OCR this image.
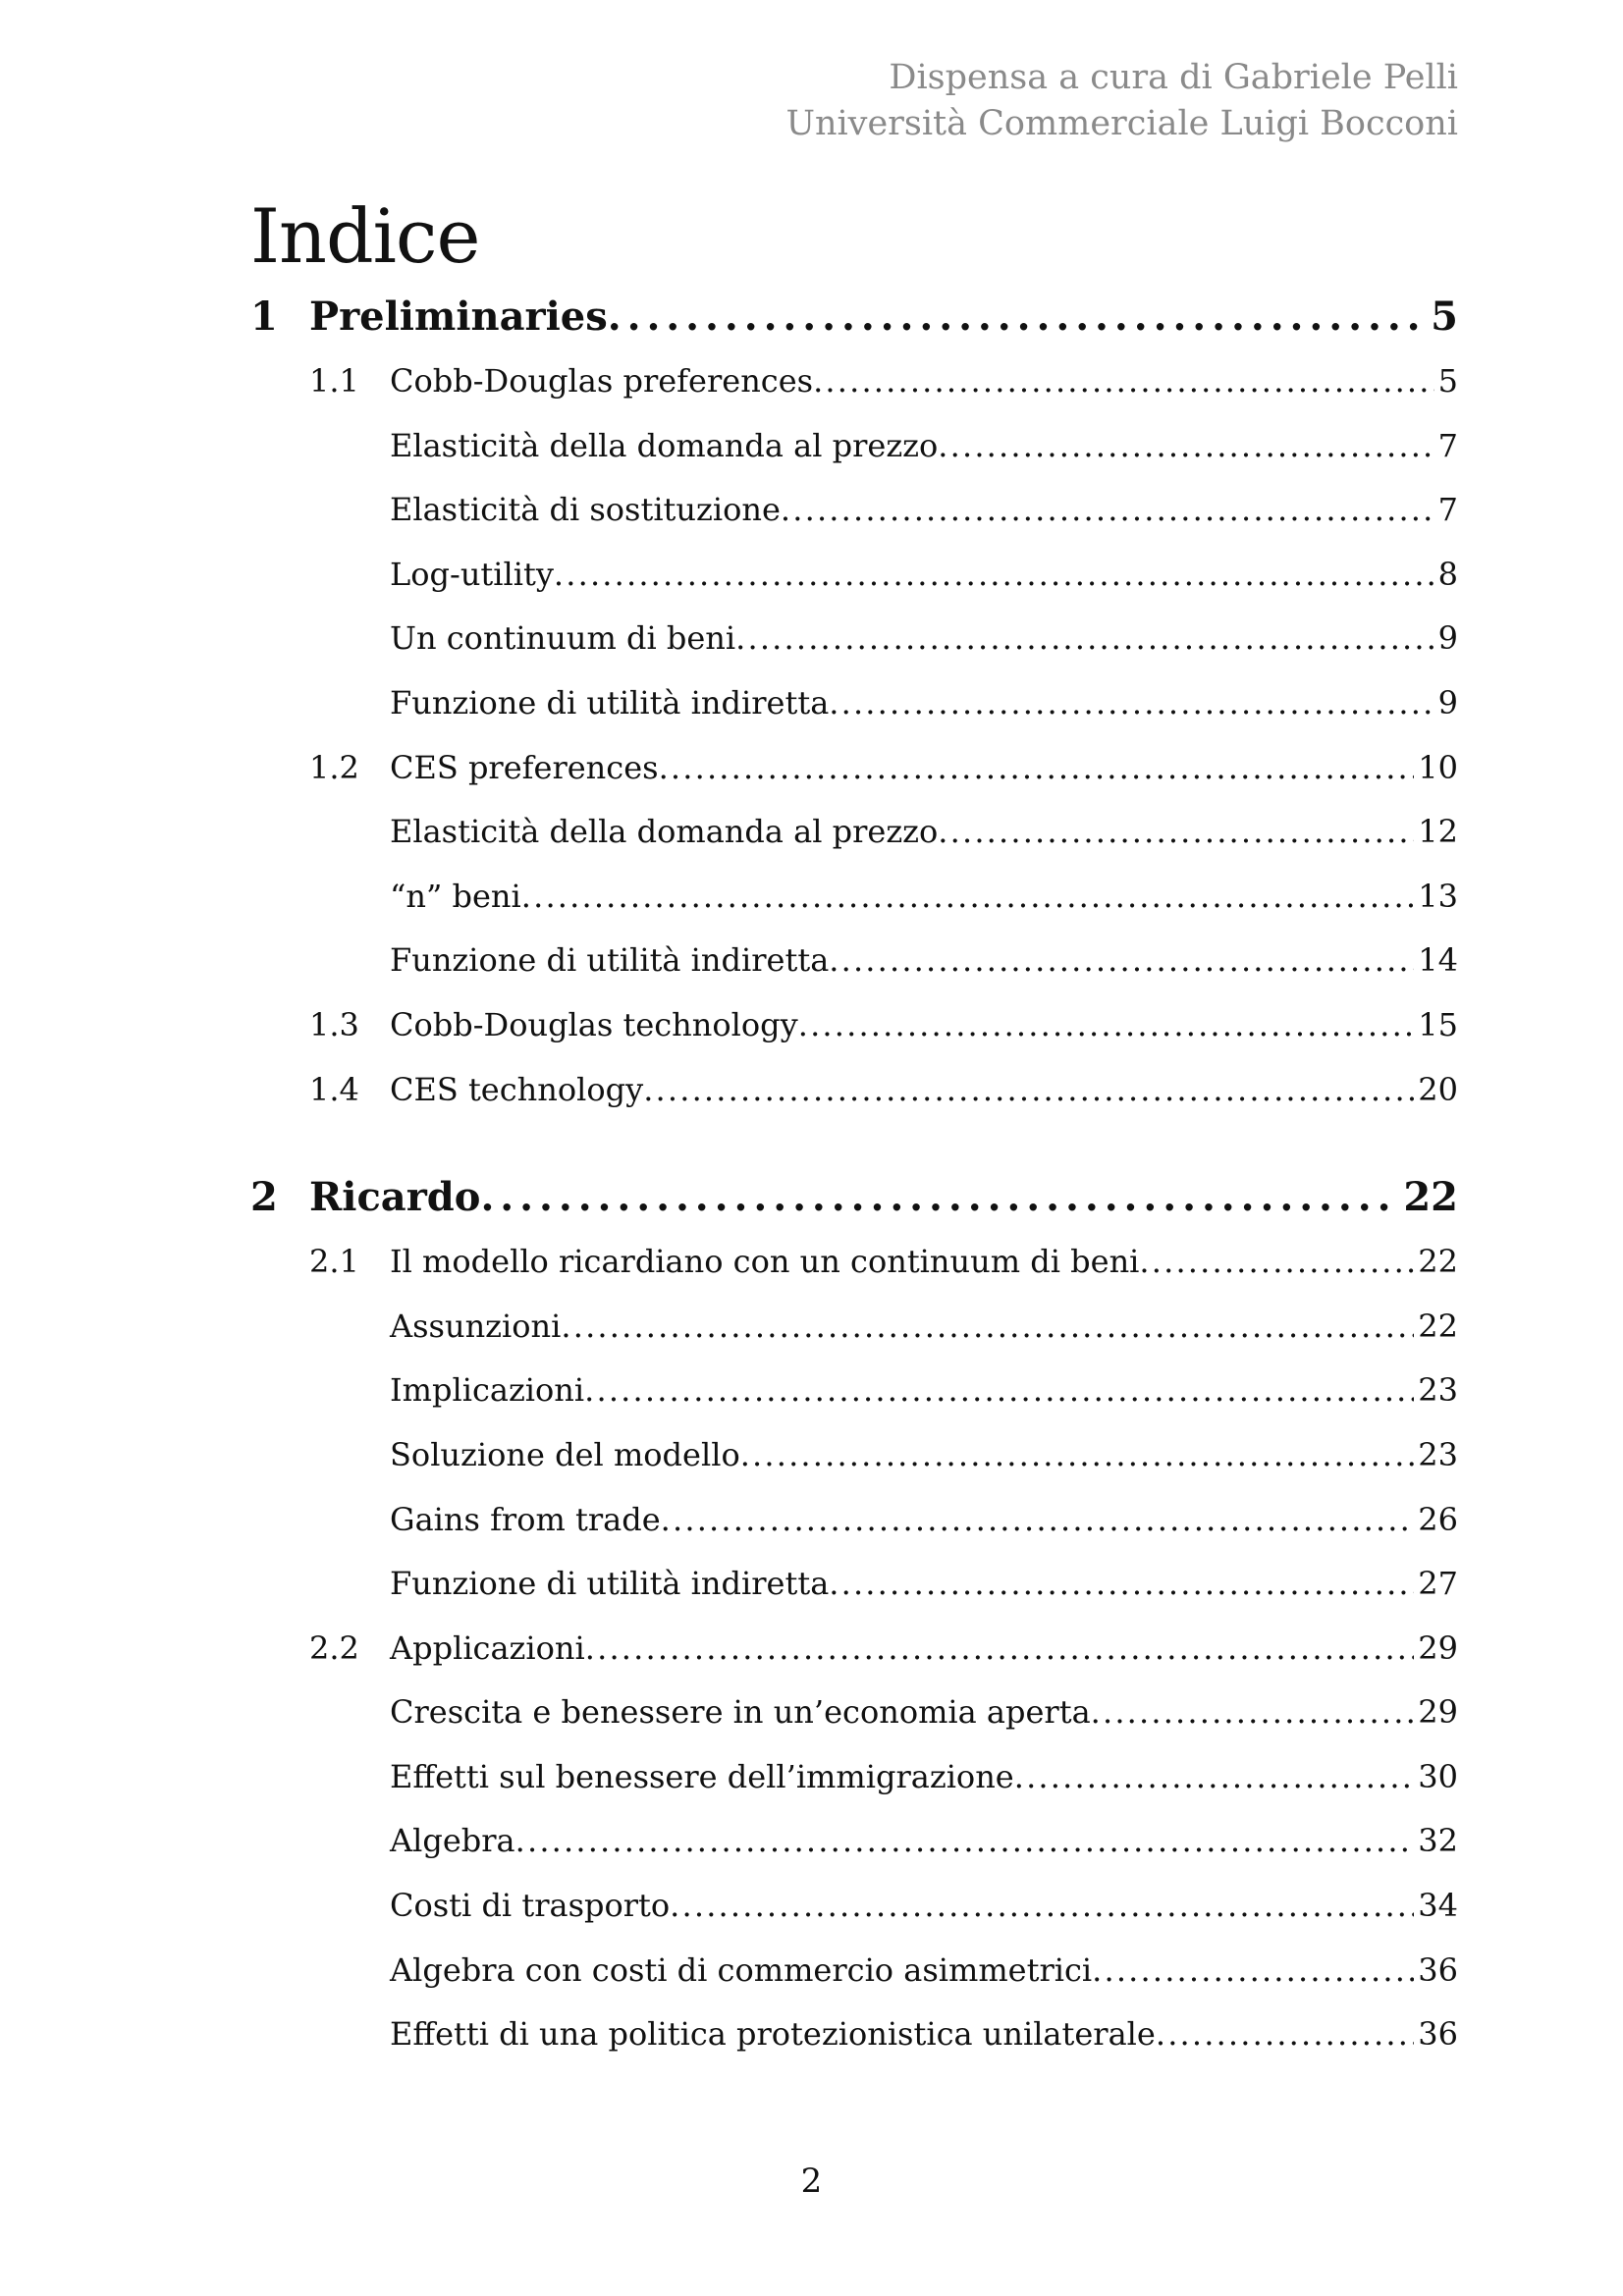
Dispensa a cura di Gabriele Pelli
Università Commerciale Luigi Bocconi
Indice
1 Preliminaries . . .	5
1.1 Cobb-Douglas preferences . . .	5
Elasticità della domanda al prezzo . . .	7
Elasticità di sostituzione . . .	7
Log-utility . . .	8
Un continuum di beni . . .	9
Funzione di utilità indiretta . . .	9
1.2 CES preferences . . .	10
Elasticità della domanda al prezzo . . .	12
“n” beni . . .	13
Funzione di utilità indiretta . . .	14
1.3 Cobb-Douglas technology . . .	15
1.4 CES technology . . .	20
2 Ricardo . . .	22
2.1 Il modello ricardiano con un continuum di beni . . .	22
Assunzioni . . .	22
Implicazioni . . .	23
Soluzione del modello . . .	23
Gains from trade . . .	26
Funzione di utilità indiretta . . .	27
2.2 Applicazioni . . .	29
Crescita e benessere in un’economia aperta . . .	29
Effetti sul benessere dell’immigrazione . . .	30
Algebra . . .	32
Costi di trasporto . . .	34
Algebra con costi di commercio asimmetrici . . .	36
Effetti di una politica protezionistica unilaterale . . .	36
2
